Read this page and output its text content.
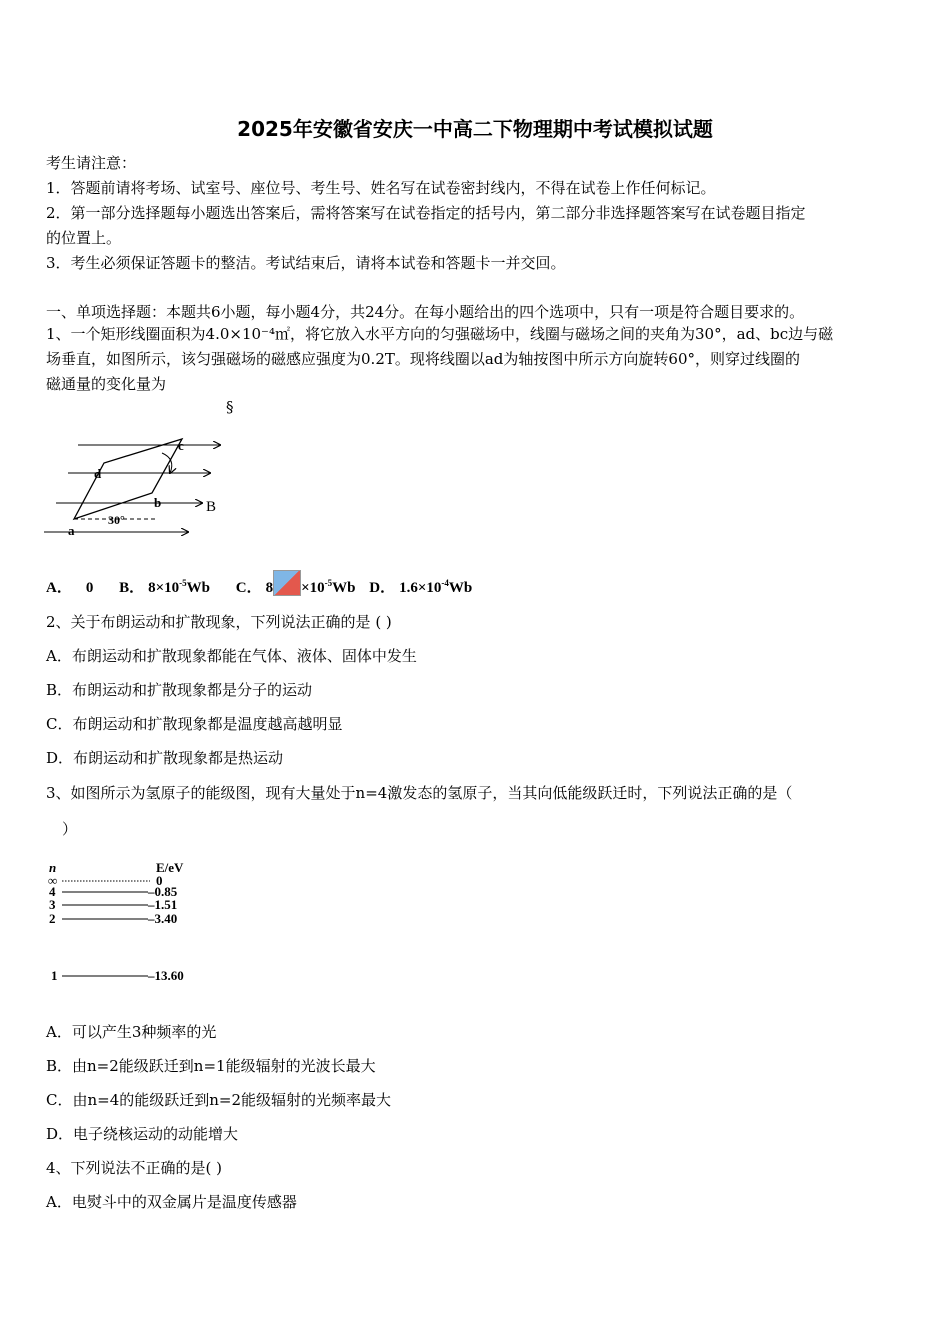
2025年安徽省安庆一中高二下物理期中考试模拟试题
考生请注意：
1．答题前请将考场、试室号、座位号、考生号、姓名写在试卷密封线内，不得在试卷上作任何标记。
2．第一部分选择题每小题选出答案后，需将答案写在试卷指定的括号内，第二部分非选择题答案写在试卷题目指定
的位置上。
3．考生必须保证答题卡的整洁。考试结束后，请将本试卷和答题卡一并交回。
一、单项选择题：本题共6小题，每小题4分，共24分。在每小题给出的四个选项中，只有一项是符合题目要求的。
1、一个矩形线圈面积为4.0×10⁻⁴㎡，将它放入水平方向的匀强磁场中，线圈与磁场之间的夹角为30°，ad、bc边与磁
场垂直，如图所示，该匀强磁场的磁感应强度为0.2T。现将线圈以ad为轴按图中所示方向旋转60°，则穿过线圈的
磁通量的变化量为
§
c
d
b
a
B
30°
A． 0 B． $8\times 10^{-5}Wb$ C． $8 \times 10^{-5}Wb$ D． $1.6\times 10^{-4}Wb$
2、关于布朗运动和扩散现象，下列说法正确的是 ( )
A．布朗运动和扩散现象都能在气体、液体、固体中发生
B．布朗运动和扩散现象都是分子的运动
C．布朗运动和扩散现象都是温度越高越明显
D．布朗运动和扩散现象都是热运动
3、如图所示为氢原子的能级图，现有大量处于n=4激发态的氢原子，当其向低能级跃迁时，下列说法正确的是（
）
n	E/eV
∞	0
4	–0.85
3	–1.51
2	–3.40
1	–13.60
A．可以产生3种频率的光
B．由n=2能级跃迁到n=1能级辐射的光波长最大
C．由n=4的能级跃迁到n=2能级辐射的光频率最大
D．电子绕核运动的动能增大
4、下列说法不正确的是( )
A．电熨斗中的双金属片是温度传感器
